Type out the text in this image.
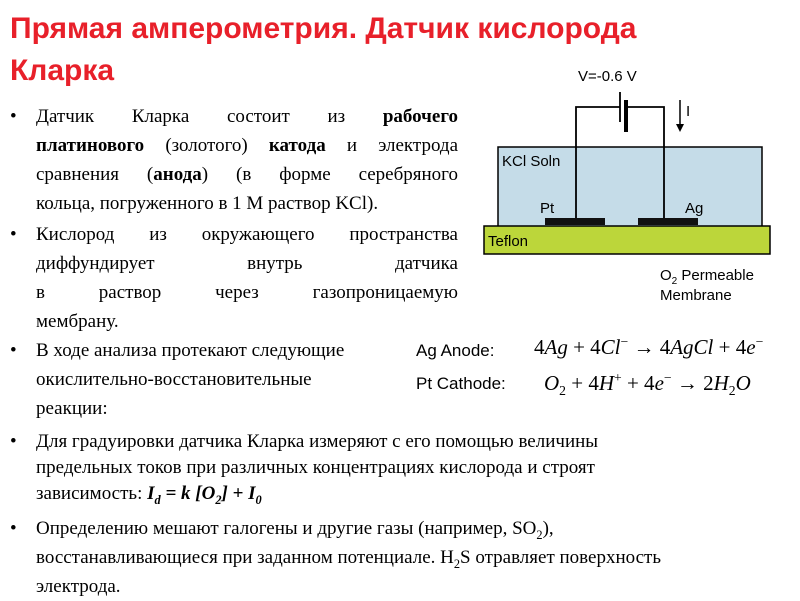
Прямая амперометрия. Датчик кислорода
Кларка
• Датчик Кларка состоит из рабочего
платинового (золотого) катода и электрода
сравнения (анода) (в форме серебряного
кольца, погруженного в 1 М раствор KCl).
• Кислород из окружающего пространства
диффундирует внутрь датчика
в раствор через газопроницаемую
мембрану.
• В ходе анализа протекают следующие
окислительно-восстановительные
реакции:
Ag Anode:
Pt Cathode:
4Ag + 4Cl− → 4AgCl + 4e−
$O_2 + 4H^+ + 4e^- \to 2H_2O$
• Для градуировки датчика Кларка измеряют с его помощью величины
предельных токов при различных концентрациях кислорода и строят
зависимость: $I_d = k$ $[O_2] + I_0$
• Определению мешают галогены и другие газы (например, $SO_2$),
восстанавливающиеся при заданном потенциале. $H_2S$ отравляет поверхность
электрода.
V=-0.6 V
I
KCl Soln
Pt	Ag
Teflon
$O_2$ Permeable
Membrane
